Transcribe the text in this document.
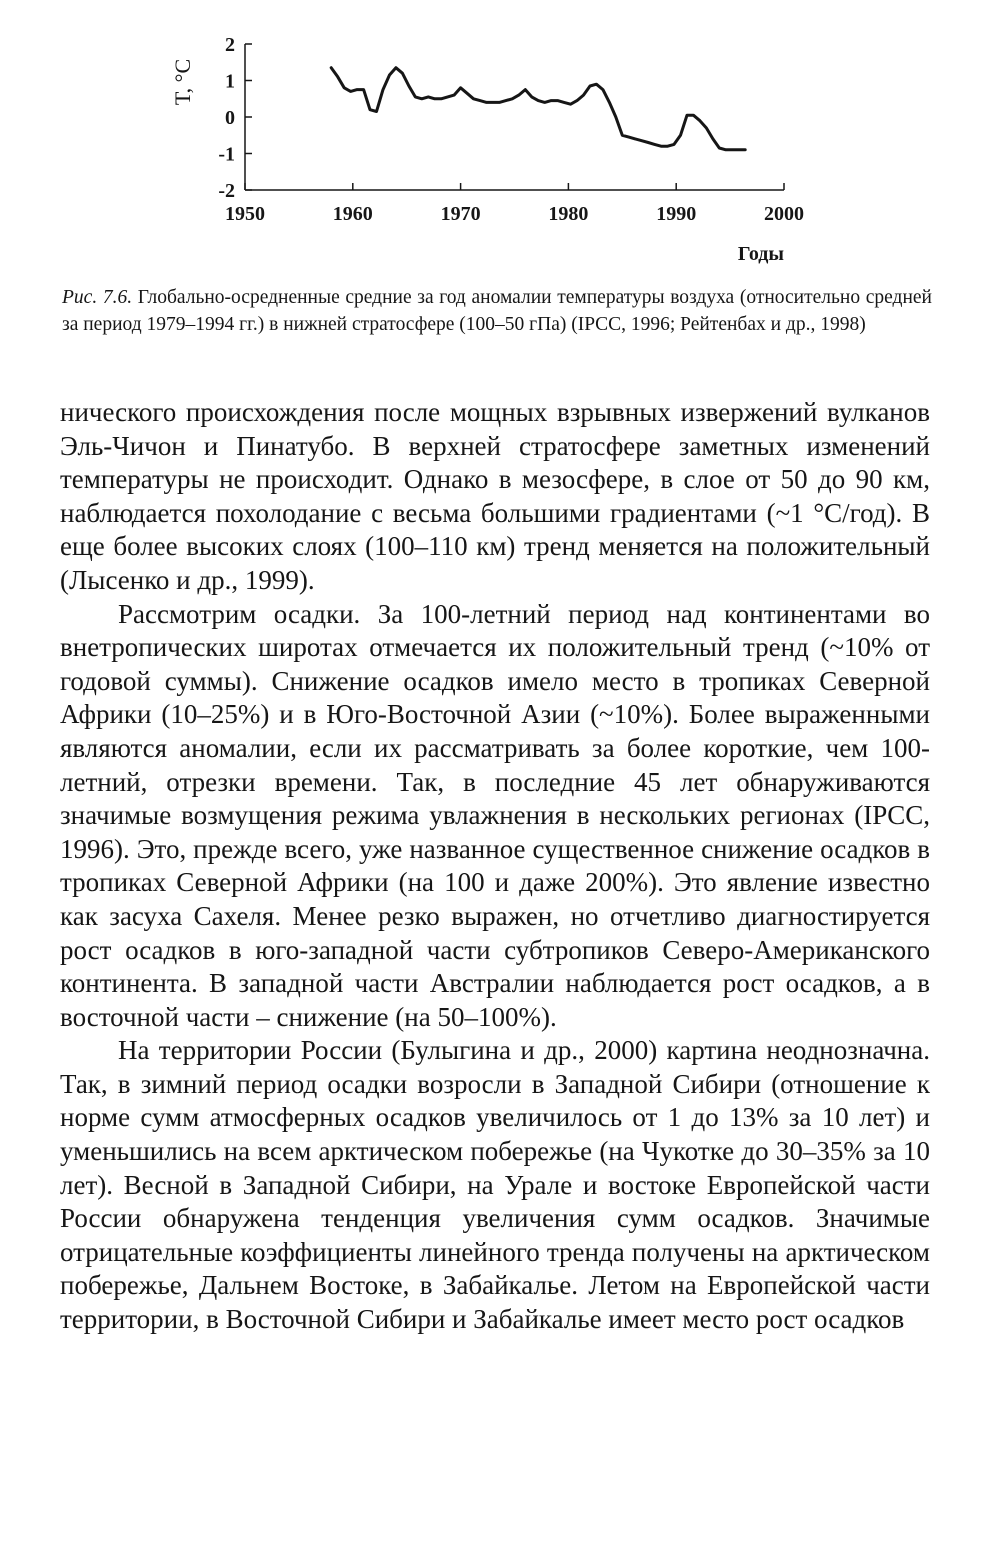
T, °С
2
1
0
-1
-2
1950	1960	1970	1980	1990	2000
Годы
Рис. 7.6. Глобально-осредненные средние за год аномалии температуры воздуха (относительно средней за период 1979–1994 гг.) в нижней стратосфере (100–50 гПа) (IPCC, 1996; Рейтенбах и др., 1998)

нического происхождения после мощных взрывных извержений вулканов Эль-Чичон и Пинатубо. В верхней стратосфере заметных изменений температуры не происходит. Однако в мезосфере, в слое от 50 до 90 км, наблюдается похолодание с весьма большими градиентами (~1 °С/год). В еще более высоких слоях (100–110 км) тренд меняется на положительный (Лысенко и др., 1999).

Рассмотрим осадки. За 100-летний период над континентами во внетропических широтах отмечается их положительный тренд (~10% от годовой суммы). Снижение осадков имело место в тропиках Северной Африки (10–25%) и в Юго-Восточной Азии (~10%). Более выраженными являются аномалии, если их рассматривать за более короткие, чем 100-летний, отрезки времени. Так, в последние 45 лет обнаруживаются значимые возмущения режима увлажнения в нескольких регионах (IPCC, 1996). Это, прежде всего, уже названное существенное снижение осадков в тропиках Северной Африки (на 100 и даже 200%). Это явление известно как засуха Сахеля. Менее резко выражен, но отчетливо диагностируется рост осадков в юго-западной части субтропиков Северо-Американского континента. В западной части Австралии наблюдается рост осадков, а в восточной части – снижение (на 50–100%).

На территории России (Булыгина и др., 2000) картина неоднозначна. Так, в зимний период осадки возросли в Западной Сибири (отношение к норме сумм атмосферных осадков увеличилось от 1 до 13% за 10 лет) и уменьшились на всем арктическом побережье (на Чукотке до 30–35% за 10 лет). Весной в Западной Сибири, на Урале и востоке Европейской части России обнаружена тенденция увеличения сумм осадков. Значимые отрицательные коэффициенты линейного тренда получены на арктическом побережье, Дальнем Востоке, в Забайкалье. Летом на Европейской части территории, в Восточной Сибири и Забайкалье имеет место рост осадков
